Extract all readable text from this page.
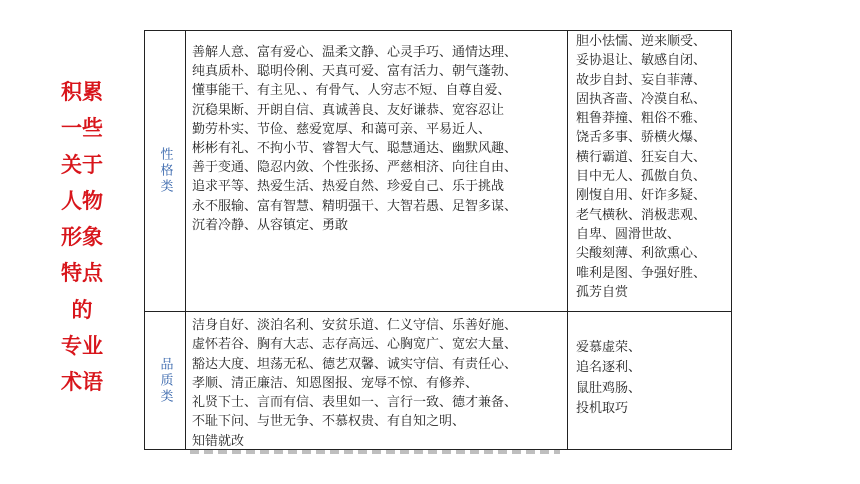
积累
一些
关于
人物
形象
特点
的
专业
术语
性格类
善解人意、富有爱心、温柔文静、心灵手巧、通情达理、
纯真质朴、聪明伶俐、天真可爱、富有活力、朝气蓬勃、
懂事能干、有主见、、有骨气、人穷志不短、自尊自爱、
沉稳果断、开朗自信、真诚善良、友好谦恭、宽容忍让
勤劳朴实、节俭、慈爱宽厚、和蔼可亲、平易近人、
彬彬有礼、不拘小节、睿智大气、聪慧通达、幽默风趣、
善于变通、隐忍内敛、个性张扬、严慈相济、向往自由、
追求平等、热爱生活、热爱自然、珍爱自己、乐于挑战
永不服输、富有智慧、精明强干、大智若愚、足智多谋、
沉着冷静、从容镇定、勇敢
胆小怯懦、逆来顺受、
妥协退让、敏感自闭、
故步自封、妄自菲薄、
固执吝啬、冷漠自私、
粗鲁莽撞、粗俗不雅、
饶舌多事、骄横火爆、
横行霸道、狂妄自大、
目中无人、孤傲自负、
刚愎自用、奸诈多疑、
老气横秋、消极悲观、
自卑、圆滑世故、
尖酸刻薄、利欲熏心、
唯利是图、争强好胜、
孤芳自赏
品质类
洁身自好、淡泊名利、安贫乐道、仁义守信、乐善好施、
虚怀若谷、胸有大志、志存高远、心胸宽广、宽宏大量、
豁达大度、坦荡无私、德艺双馨、诚实守信、有责任心、
孝顺、清正廉洁、知恩图报、宠辱不惊、有修养、
礼贤下士、言而有信、表里如一、言行一致、德才兼备、
不耻下问、与世无争、不慕权贵、有自知之明、
知错就改
爱慕虚荣、
追名逐利、
鼠肚鸡肠、
投机取巧
